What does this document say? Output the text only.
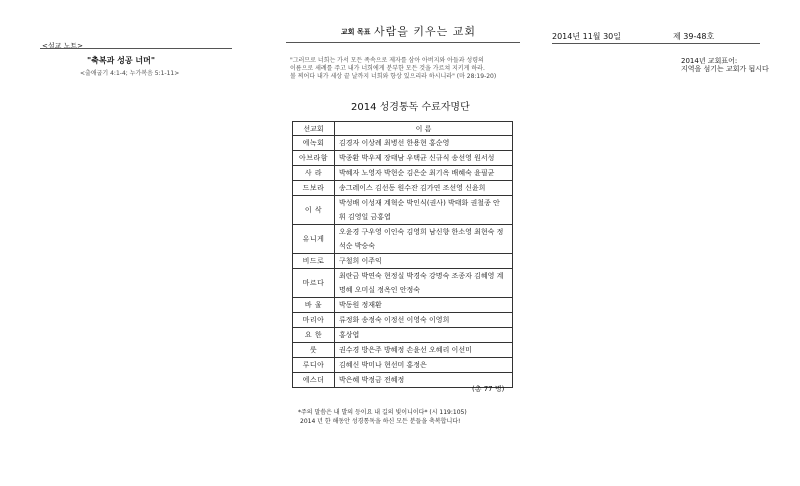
<설교 노트>
교회 목표 사람을 키우는 교회	2014년 11월 30일	제 39-48호
"축복과 성공 너머"
<출애굽기 4:1-4; 누가복음 5:1-11>
"그러므로 너희는 가서 모든 족속으로 제자를 삼아 아버지와 아들과 성령의
이름으로 세례를 주고 내가 너희에게 분부한 모든 것을 가르쳐 지키게 하라.
볼 찌어다 내가 세상 끝 날까지 너희와 항상 있으리라 하시니라" (마 28:19-20)
2014년 교회표어:
지역을 섬기는 교회가 됩시다
2014 성경통독 수료자명단
선교회	이 름
에녹회	김경자 이상례 최병선 한용현 홍순영
아브라함	박종환 박우제 장태남 우택균 신규식 송선영 원서성
사 라	박혜자 노영자 박현순 김은순 최기옥 배혜숙 윤필균
드보라	송그레이스 김선동 원수잔 김가연 조선영 신윤희
이 삭	박성배 이성재 계혁순 박인식(권사) 박태화 권철종 안 휘 김영일 금홍엽
유니게	오윤경 구우영 이인숙 김영희 남신향 한소영 최현숙 정석순 박승숙
비드로	구철희 이주익
마르다	최란금 박연숙 현정실 박경숙 강명숙 조종자 김혜영 계명혜 오미실 정옥인 안정숙
바 울	박동원 정재환
마리아	류정화 송정숙 이정선 이영숙 이영희
요 한	홍상엽
룻	권수경 방은주 방혜정 손윤선 오혜리 이선미
루디아	김혜신 박미나 현선미 홍정은
에스더	박은혜 박정금 전혜정
(총 77 명)
*주의 말씀은 내 발의 등이요 내 길의 빛이니이다* (시 119:105)
2014 년 한 해동안 성경통독을 하신 모든 분들을 축복합니다!
